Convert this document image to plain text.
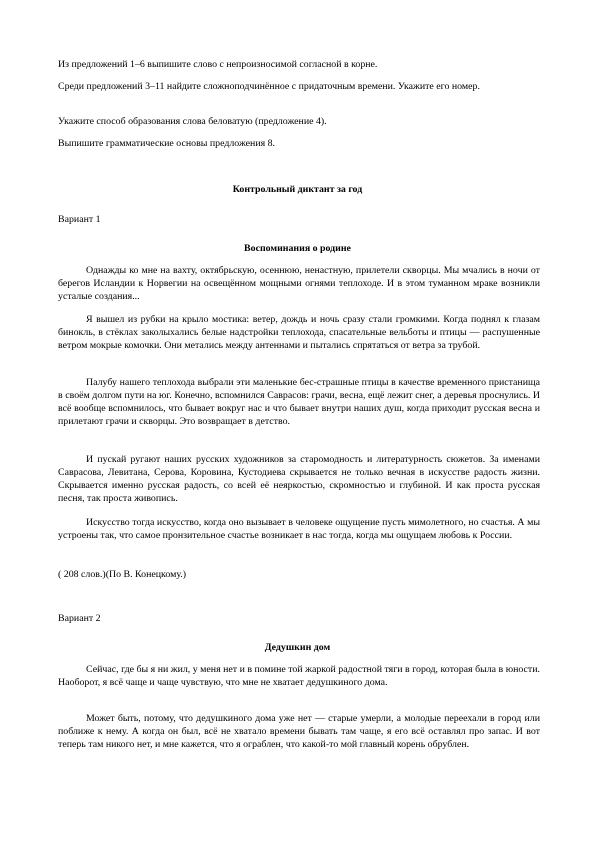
Из предложений 1–6 выпишите слово с непроизносимой согласной в корне.

Среди предложений 3–11 найдите сложноподчинённое с придаточным времени. Укажите его номер.

Укажите способ образования слова беловатую (предложение 4).

Выпишите грамматические основы предложения 8.

Контрольный диктант за год

Вариант 1

Воспоминания о родине

Однажды ко мне на вахту, октябрьскую, осеннюю, ненастную, прилетели скворцы. Мы мчались в ночи от берегов Исландии к Норвегии на освещённом мощными огнями теплоходе. И в этом туманном мраке возникли усталые создания...

Я вышел из рубки на крыло мостика: ветер, дождь и ночь сразу стали громкими. Когда поднял к глазам бинокль, в стёклах заколыхались белые надстройки теплохода, спасательные вельботы и птицы — распушенные ветром мокрые комочки. Они метались между антеннами и пытались спрятаться от ветра за трубой.

Палубу нашего теплохода выбрали эти маленькие бес-страшные птицы в качестве временного пристанища в своём долгом пути на юг. Конечно, вспомнился Саврасов: грачи, весна, ещё лежит снег, а деревья проснулись. И всё вообще вспомнилось, что бывает вокруг нас и что бывает внутри наших душ, когда приходит русская весна и прилетают грачи и скворцы. Это возвращает в детство.

И пускай ругают наших русских художников за старомодность и литературность сюжетов. За именами Саврасова, Левитана, Серова, Коровина, Кустодиева скрывается не только вечная в искусстве радость жизни. Скрывается именно русская радость, со всей её неяркостью, скромностью и глубиной. И как проста русская песня, так проста живопись.

Искусство тогда искусство, когда оно вызывает в человеке ощущение пусть мимолетного, но счастья. А мы устроены так, что самое пронзительное счастье возникает в нас тогда, когда мы ощущаем любовь к России.

( 208 слов.)(По В. Конецкому.)

Вариант 2

Дедушкин дом

Сейчас, где бы я ни жил, у меня нет и в помине той жаркой радостной тяги в город, которая была в юности. Наоборот, я всё чаще и чаще чувствую, что мне не хватает дедушкиного дома.

Может быть, потому, что дедушкиного дома уже нет — старые умерли, а молодые переехали в город или поближе к нему. А когда он был, всё не хватало времени бывать там чаще, я его всё оставлял про запас. И вот теперь там никого нет, и мне кажется, что я ограблен, что какой-то мой главный корень обрублен.
